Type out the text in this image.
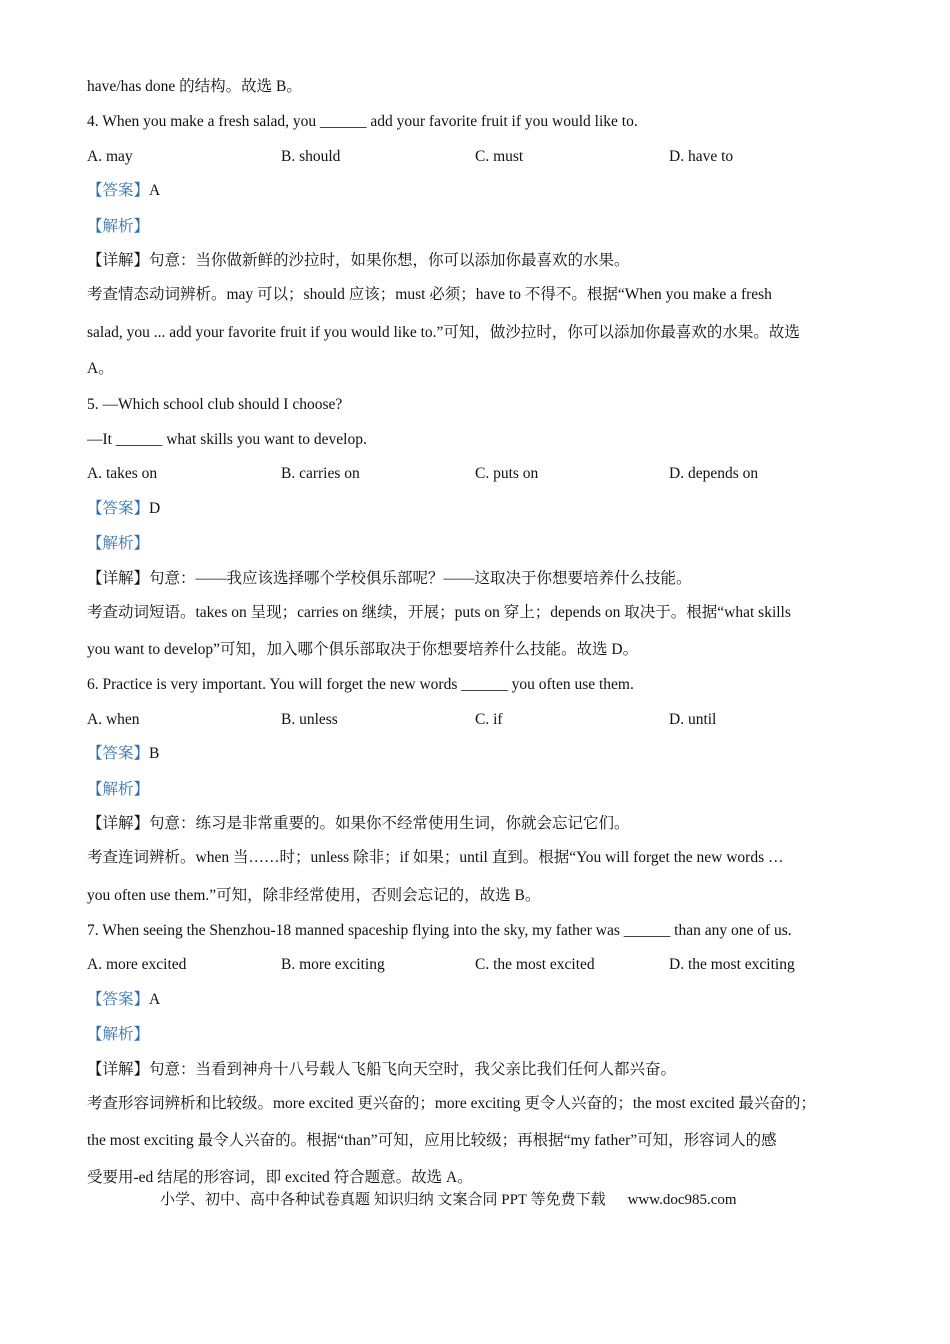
have/has done 的结构。故选 B。
4. When you make a fresh salad, you ______ add your favorite fruit if you would like to.
A. may	B. should	C. must	D. have to
【答案】A
【解析】
【详解】句意：当你做新鲜的沙拉时，如果你想，你可以添加你最喜欢的水果。
考查情态动词辨析。may 可以；should 应该；must 必须；have to 不得不。根据“When you make a fresh
salad, you ... add your favorite fruit if you would like to.”可知，做沙拉时，你可以添加你最喜欢的水果。故选
A。
5. —Which school club should I choose?
—It ______ what skills you want to develop.
A. takes on	B. carries on	C. puts on	D. depends on
【答案】D
【解析】
【详解】句意：——我应该选择哪个学校俱乐部呢？——这取决于你想要培养什么技能。
考查动词短语。takes on 呈现；carries on 继续，开展；puts on 穿上；depends on 取决于。根据“what skills
you want to develop”可知，加入哪个俱乐部取决于你想要培养什么技能。故选 D。
6. Practice is very important. You will forget the new words ______ you often use them.
A. when	B. unless	C. if	D. until
【答案】B
【解析】
【详解】句意：练习是非常重要的。如果你不经常使用生词，你就会忘记它们。
考查连词辨析。when 当……时；unless 除非；if 如果；until 直到。根据“You will forget the new words …
you often use them.”可知，除非经常使用，否则会忘记的，故选 B。
7. When seeing the Shenzhou-18 manned spaceship flying into the sky, my father was ______ than any one of us.
A. more excited	B. more exciting	C. the most excited	D. the most exciting
【答案】A
【解析】
【详解】句意：当看到神舟十八号载人飞船飞向天空时，我父亲比我们任何人都兴奋。
考查形容词辨析和比较级。more excited 更兴奋的；more exciting 更令人兴奋的；the most excited 最兴奋的；
the most exciting 最令人兴奋的。根据“than”可知，应用比较级；再根据“my father”可知，形容词人的感
受要用-ed 结尾的形容词，即 excited 符合题意。故选 A。
小学、初中、高中各种试卷真题 知识归纳 文案合同 PPT 等免费下载 www.doc985.com
